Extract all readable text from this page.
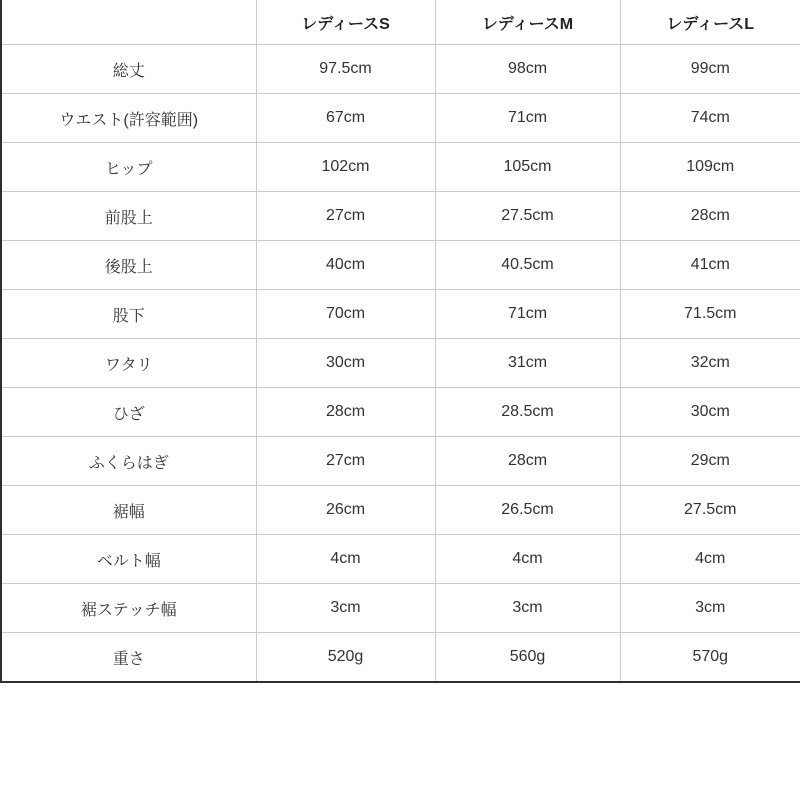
	レディースS	レディースM	レディースL
総丈	97.5cm	98cm	99cm
ウエスト(許容範囲)	67cm	71cm	74cm
ヒップ	102cm	105cm	109cm
前股上	27cm	27.5cm	28cm
後股上	40cm	40.5cm	41cm
股下	70cm	71cm	71.5cm
ワタリ	30cm	31cm	32cm
ひざ	28cm	28.5cm	30cm
ふくらはぎ	27cm	28cm	29cm
裾幅	26cm	26.5cm	27.5cm
ベルト幅	4cm	4cm	4cm
裾ステッチ幅	3cm	3cm	3cm
重さ	520g	560g	570g
